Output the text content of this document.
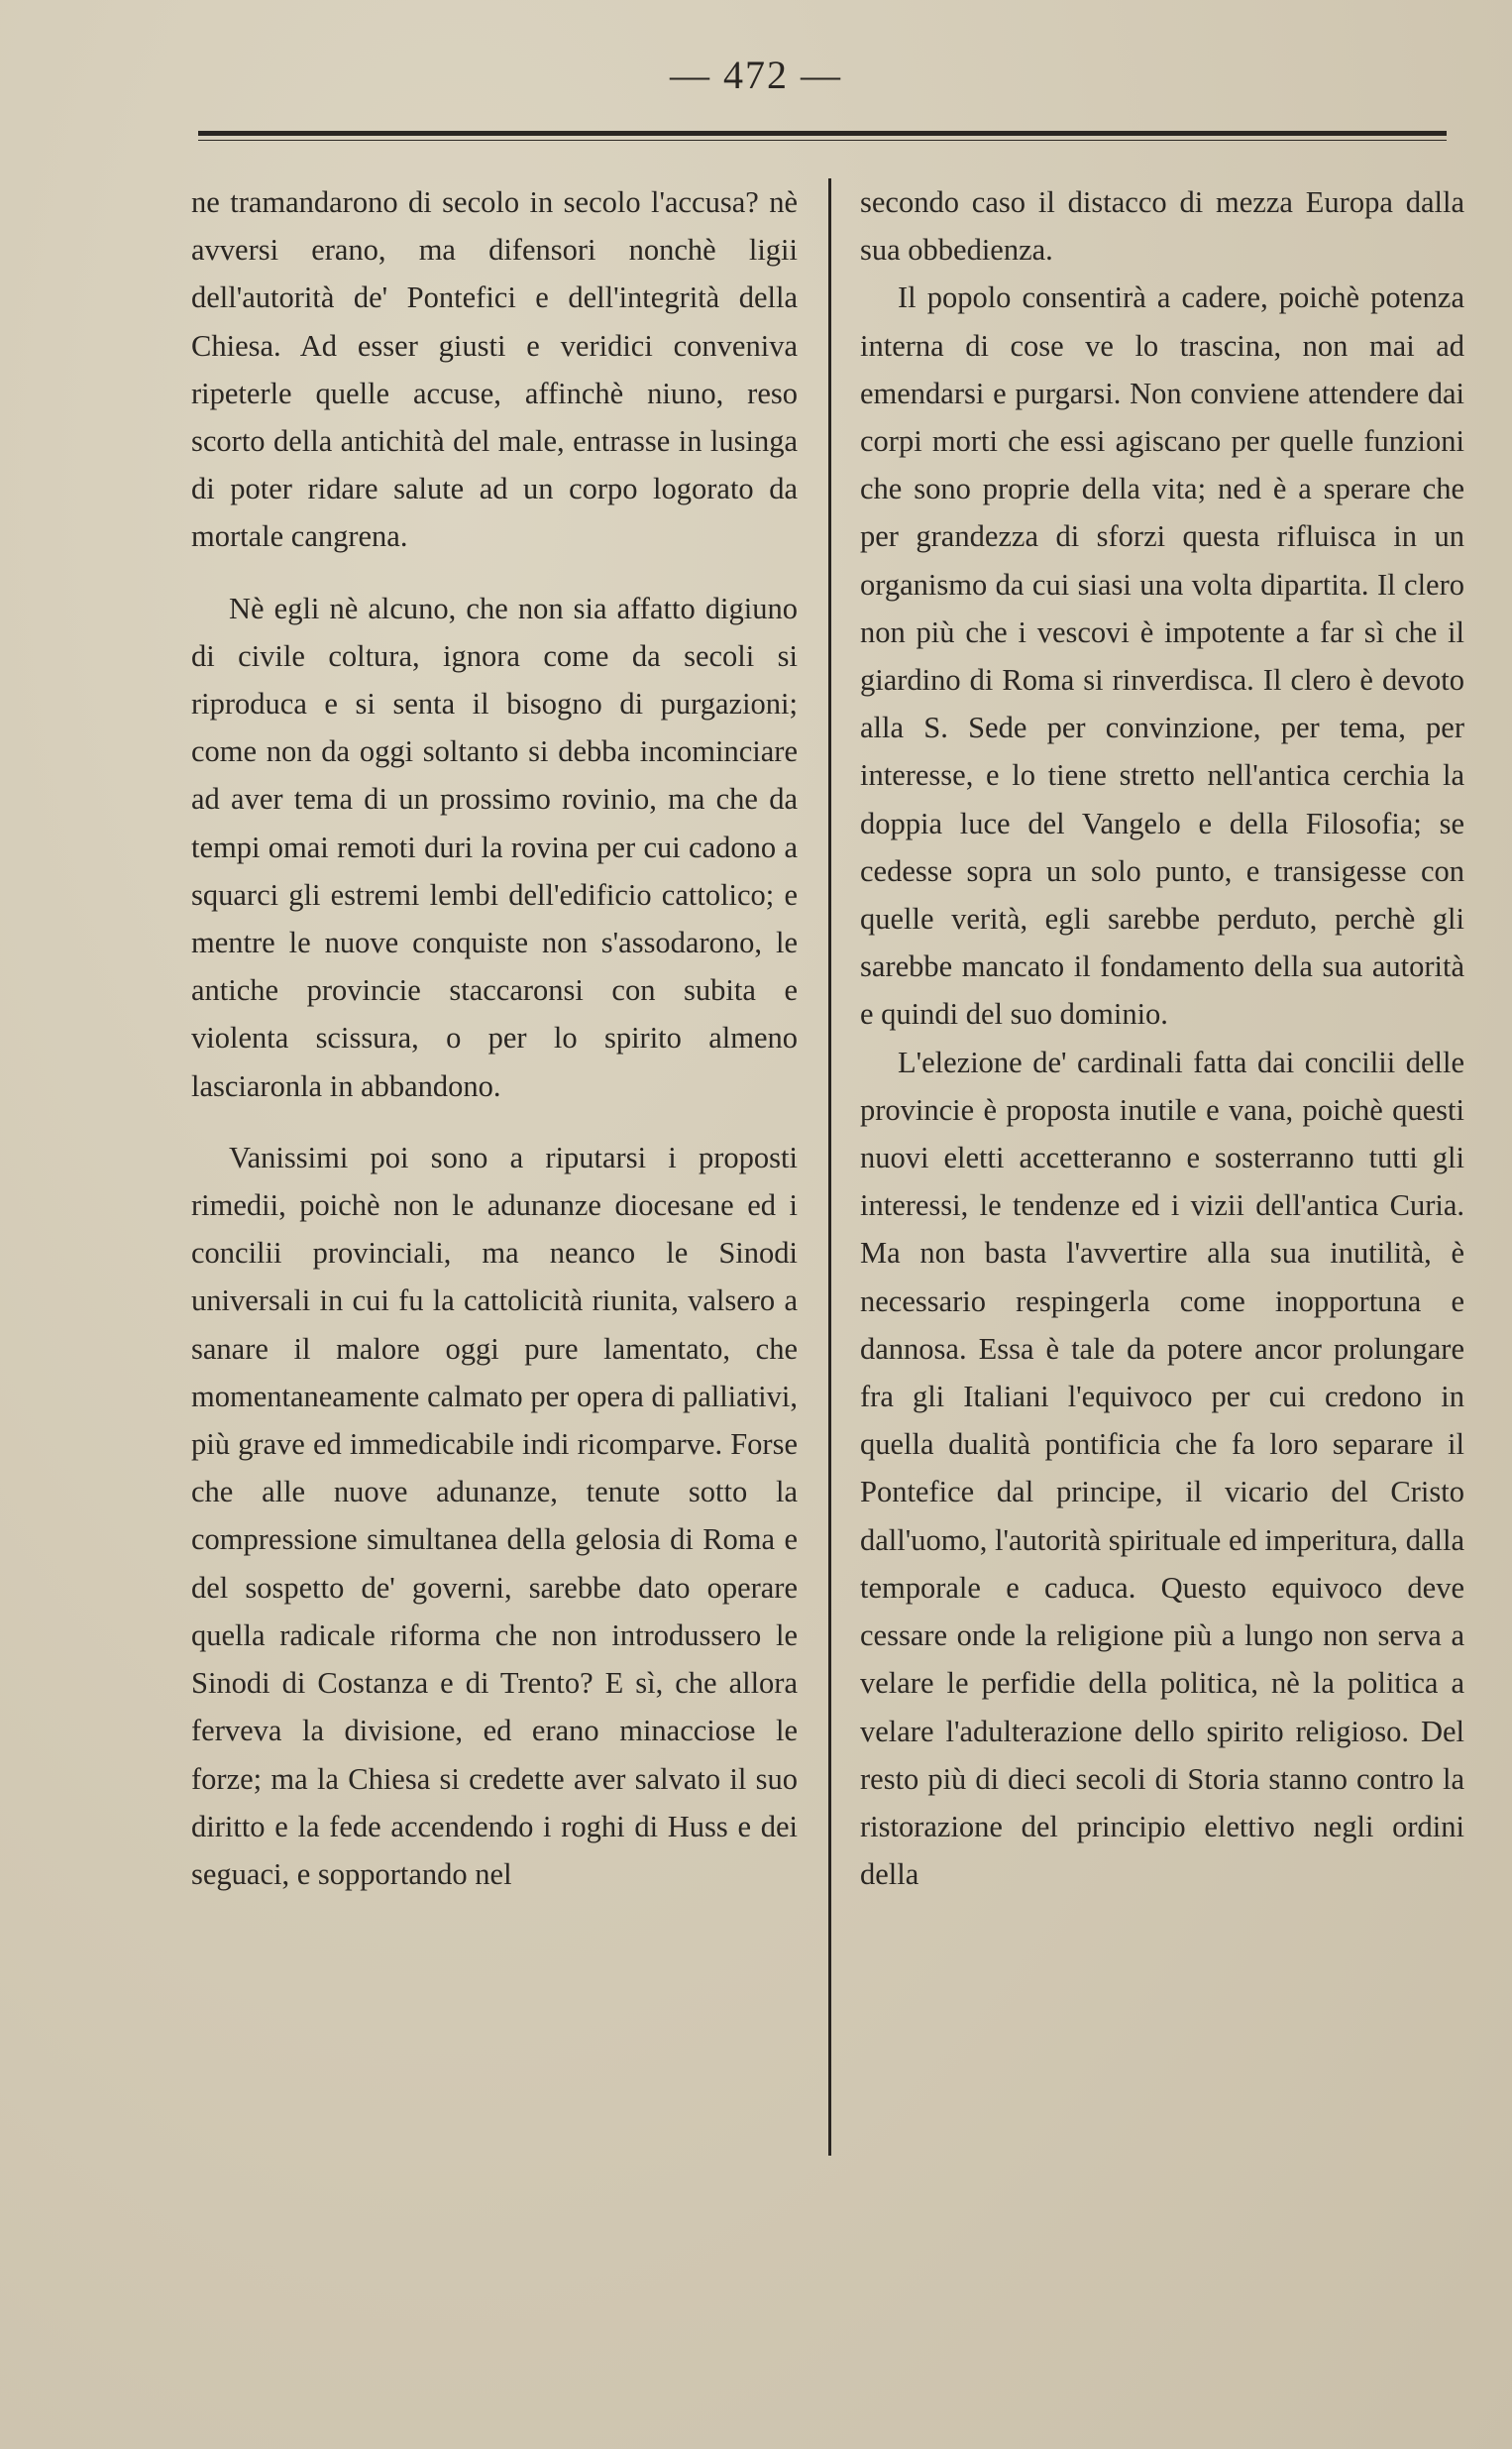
— 472 —

ne tramandarono di secolo in secolo l'accusa? nè avversi erano, ma difensori nonchè ligii dell'autorità de' Pontefici e dell'integrità della Chiesa. Ad esser giusti e veridici conveniva ripeterle quelle accuse, affinchè niuno, reso scorto della antichità del male, entrasse in lusinga di poter ridare salute ad un corpo logorato da mortale cangrena.

Nè egli nè alcuno, che non sia affatto digiuno di civile coltura, ignora come da secoli si riproduca e si senta il bisogno di purgazioni; come non da oggi soltanto si debba incominciare ad aver tema di un prossimo rovinio, ma che da tempi omai remoti duri la rovina per cui cadono a squarci gli estremi lembi dell'edificio cattolico; e mentre le nuove conquiste non s'assodarono, le antiche provincie staccaronsi con subita e violenta scissura, o per lo spirito almeno lasciaronla in abbandono.

Vanissimi poi sono a riputarsi i proposti rimedii, poichè non le adunanze diocesane ed i concilii provinciali, ma neanco le Sinodi universali in cui fu la cattolicità riunita, valsero a sanare il malore oggi pure lamentato, che momentaneamente calmato per opera di palliativi, più grave ed immedicabile indi ricomparve. Forse che alle nuove adunanze, tenute sotto la compressione simultanea della gelosia di Roma e del sospetto de' governi, sarebbe dato operare quella radicale riforma che non introdussero le Sinodi di Costanza e di Trento? E sì, che allora ferveva la divisione, ed erano minacciose le forze; ma la Chiesa si credette aver salvato il suo diritto e la fede accendendo i roghi di Huss e dei seguaci, e sopportando nel

secondo caso il distacco di mezza Europa dalla sua obbedienza.

Il popolo consentirà a cadere, poichè potenza interna di cose ve lo trascina, non mai ad emendarsi e purgarsi. Non conviene attendere dai corpi morti che essi agiscano per quelle funzioni che sono proprie della vita; ned è a sperare che per grandezza di sforzi questa rifluisca in un organismo da cui siasi una volta dipartita. Il clero non più che i vescovi è impotente a far sì che il giardino di Roma si rinverdisca. Il clero è devoto alla S. Sede per convinzione, per tema, per interesse, e lo tiene stretto nell'antica cerchia la doppia luce del Vangelo e della Filosofia; se cedesse sopra un solo punto, e transigesse con quelle verità, egli sarebbe perduto, perchè gli sarebbe mancato il fondamento della sua autorità e quindi del suo dominio.

L'elezione de' cardinali fatta dai concilii delle provincie è proposta inutile e vana, poichè questi nuovi eletti accetteranno e sosterranno tutti gli interessi, le tendenze ed i vizii dell'antica Curia. Ma non basta l'avvertire alla sua inutilità, è necessario respingerla come inopportuna e dannosa. Essa è tale da potere ancor prolungare fra gli Italiani l'equivoco per cui credono in quella dualità pontificia che fa loro separare il Pontefice dal principe, il vicario del Cristo dall'uomo, l'autorità spirituale ed imperitura, dalla temporale e caduca. Questo equivoco deve cessare onde la religione più a lungo non serva a velare le perfidie della politica, nè la politica a velare l'adulterazione dello spirito religioso. Del resto più di dieci secoli di Storia stanno contro la ristorazione del principio elettivo negli ordini della
